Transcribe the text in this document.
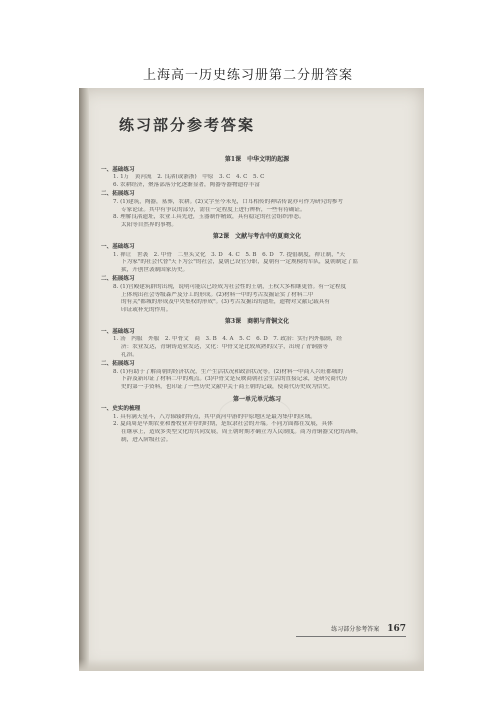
上海高一历史练习册第二分册答案
练习部分参考答案
第1课　中华文明的起源
一、基础练习
1. 1万　黄河流　2. 良渚(或浙浙)　中原　3. C　4. C　5. C
6. 农耕经济，聚落部落分化逐渐显著，陶器等器物遗存丰富
二、拓展练习
7. (1)建筑，陶器，墓葬，农耕。(2)文字至今未见，口耳相传的神话传说亦可作为研究的参考
专家论证。其中有争议的部分，需在一定程度上进行辨析，一些有待确证。
8. 理解良渚遗址，农业工具先进，玉器制作精致，具有稳定的社会组织形态。
太阳等自然界的事物。
第2课　文献与考古中的夏商文化
一、基础练习
1. 禅让　世袭　2. 甲骨　二里头文化　3. D　4. C　5. B　6. D　7. 提倡制度，禅让制，"天
下为家"的社会代替"天下为公"的社会，夏朝已设官分职，夏朝有一定规模的军队，夏朝制定了监
狱，开创世袭制国家历史。
二、拓展练习
8. (1)宫殿建筑群的出现，说明可能以已经成为社会性的王朝，王权大多相继更替。有一定程度
上体现出社会等级森严及分工的形成。(2)材料一中的考古发掘证实了材料二中
的有关"都城的形成及中央集权的形成"。(3)考古发掘出的遗址，遗物对文献记载具有
印证或补充的作用。
第3课　商朝与青铜文化
一、基础练习
1. 汤　内服　外服　2. 甲骨文　商　3. B　4. A　5. C　6. D　7. 政治：实行内外服制，经
济：农业发达，青铜铸造业发达，文化：甲骨文是比较成熟的汉字，出现了青铜器等
礼治。
二、拓展练习
8. (1)有助于了解商朝的经济状况，生产生活状况和政治状况等。(2)材料一中商人兴旺都城的
卜辞及新印证了材料二中的观点。(3)甲骨文是反映商朝社会生活的直接记录，是研究商代历
史的第一手资料，也印证了一些历史文献中关于商王朝的记载，使商代历史成为信史。
第一单元单元练习
一、史实的梳理
1. 具有满天星斗，八方辐辏的特点，其中黄河中游的中原地区是最为集中的区域。
2. 夏商周是早期农业和畜牧业并存的时期，是奴隶社会的开端。不同方面都在发展，具体
在继承上，造成多类型文化的共同发展，周王朝时期才确立为人民制度。商为青铜器文化的高峰，
制，进入阶级社会。
练习部分参考答案 167
